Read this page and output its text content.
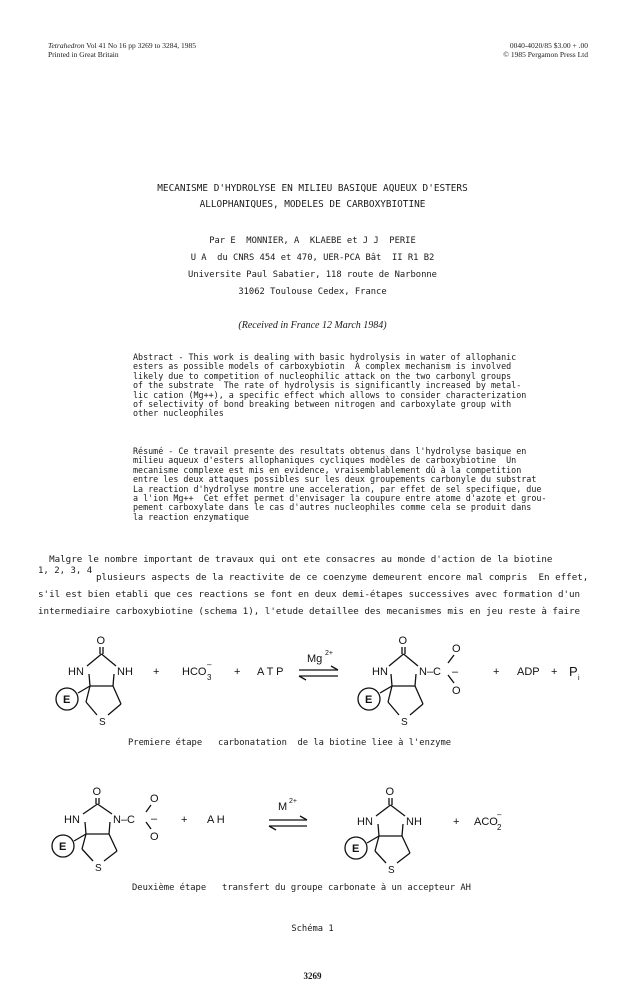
Tetrahedron Vol 41 No 16 pp 3269 to 3284, 1985
Printed in Great Britain
0040-4020/85 $3.00 + .00
© 1985 Pergamon Press Ltd
MECANISME D'HYDROLYSE EN MILIEU BASIQUE AQUEUX D'ESTERS
ALLOPHANIQUES, MODELES DE CARBOXYBIOTINE
Par E  MONNIER, A  KLAEBE et J J  PERIE
U A  du CNRS 454 et 470, UER-PCA Bât  II R1 B2
Universite Paul Sabatier, 118 route de Narbonne
31062 Toulouse Cedex, France
(Received in France 12 March 1984)
Abstract - This work is dealing with basic hydrolysis in water of allophanic
esters as possible models of carboxybiotin  A complex mechanism is involved
likely due to competition of nucleophilic attack on the two carbonyl groups
of the substrate  The rate of hydrolysis is significantly increased by metal-
lic cation (Mg++), a specific effect which allows to consider characterization
of selectivity of bond breaking between nitrogen and carboxylate group with
other nucleophiles
Résumé - Ce travail presente des resultats obtenus dans l'hydrolyse basique en
milieu aqueux d'esters allophaniques cycliques modèles de carboxybiotine  Un
mecanisme complexe est mis en evidence, vraisemblablement dû à la competition
entre les deux attaques possibles sur les deux groupements carbonyle du substrat
La reaction d'hydrolyse montre une acceleration, par effet de sel specifique, due
a l'ion Mg++  Cet effet permet d'envisager la coupure entre atome d'azote et grou-
pement carboxylate dans le cas d'autres nucleophiles comme cela se produit dans
la reaction enzymatique
Malgre le nombre important de travaux qui ont ete consacres au monde d'action de la biotine
1, 2, 3, 4
plusieurs aspects de la reactivite de ce coenzyme demeurent encore mal compris  En effet,
s'il est bien etabli que ces reactions se font en deux demi-étapes successives avec formation d'un
intermediaire carboxybiotine (schema 1), l'etude detaillee des mecanismes mis en jeu reste à faire
O
HN	NH
S
E
+ HCO 3
–
+ A T P
Mg 2+
O
HN	N–C
O
O
–
S
E
+ ADP + P i
Premiere étape   carbonatation  de la biotine liee à l'enzyme
O
HN	N–C
O
O
–
S
E
+ A H
M 2+
O
HN	NH
S
E
+ ACO 2
–
Deuxième étape   transfert du groupe carbonate à un accepteur AH
Schéma 1
3269
